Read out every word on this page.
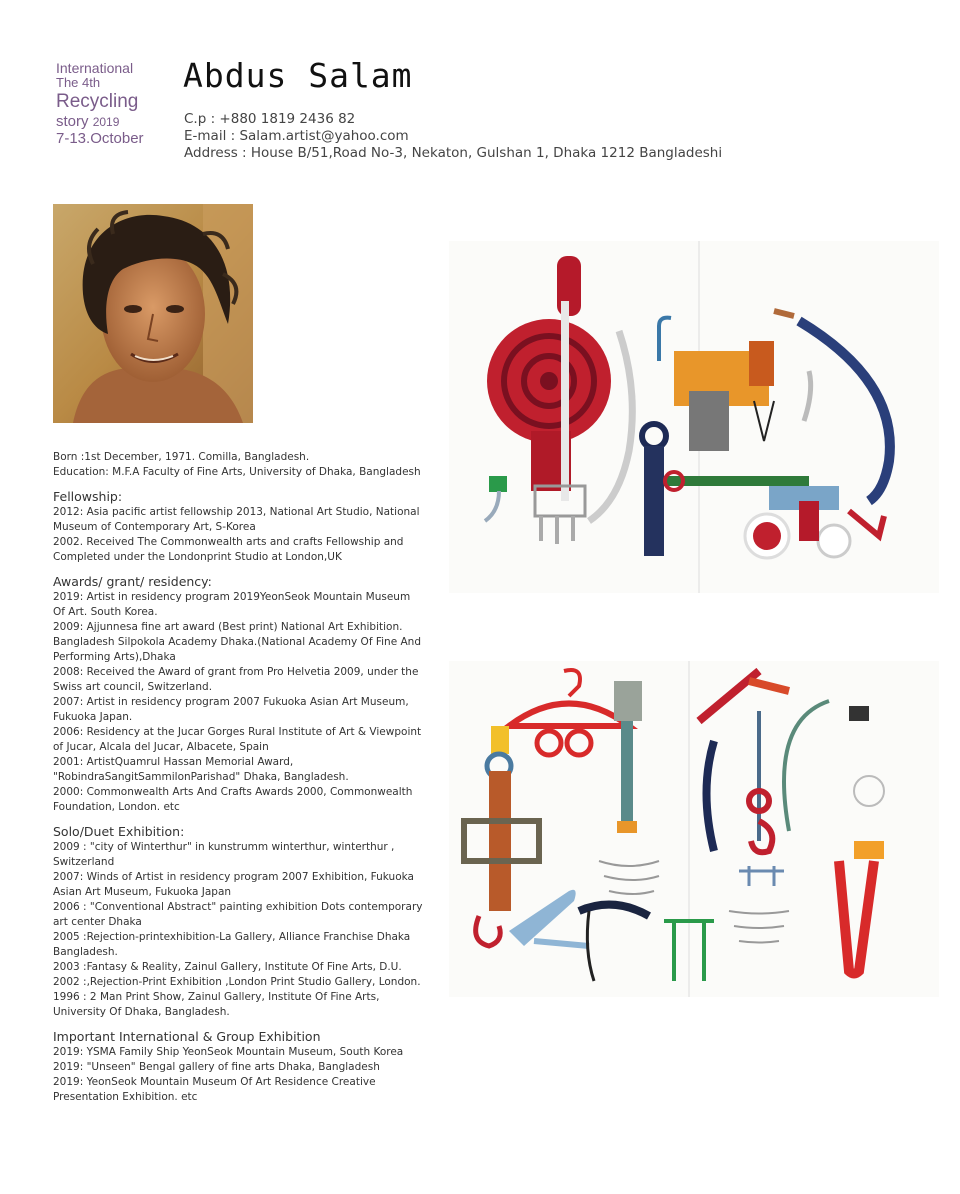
International
The 4th
Recycling
story 2019
7-13.October
Abdus Salam
C.p : +880 1819 2436 82
E-mail : Salam.artist@yahoo.com
Address : House B/51,Road No-3, Nekaton, Gulshan 1, Dhaka 1212 Bangladeshi

Born :1st December, 1971. Comilla, Bangladesh.

Education: M.F.A Faculty of Fine Arts, University of Dhaka, Bangladesh

Fellowship:

2012: Asia pacific artist fellowship 2013, National Art Studio, National Museum of Contemporary Art, S-Korea

2002. Received The Commonwealth arts and crafts Fellowship and Completed under the Londonprint Studio at London,UK

Awards/ grant/ residency:

2019: Artist in residency program 2019YeonSeok Mountain Museum Of Art. South Korea.

2009: Ajjunnesa fine art award (Best print) National Art Exhibition. Bangladesh Silpokola Academy Dhaka.(National Academy Of Fine And Performing Arts),Dhaka

2008: Received the Award of grant from Pro Helvetia 2009, under the Swiss art council, Switzerland.

2007: Artist in residency program 2007 Fukuoka Asian Art Museum, Fukuoka Japan.

2006: Residency at the Jucar Gorges Rural Institute of Art & Viewpoint of Jucar, Alcala del Jucar, Albacete, Spain

2001: ArtistQuamrul Hassan Memorial Award, "RobindraSangitSammilonParishad" Dhaka, Bangladesh.

2000: Commonwealth Arts And Crafts Awards 2000, Commonwealth Foundation, London. etc

Solo/Duet Exhibition:

2009 : "city of Winterthur" in kunstrumm winterthur, winterthur , Switzerland

2007: Winds of Artist in residency program 2007 Exhibition, Fukuoka Asian Art Museum, Fukuoka Japan

2006 : "Conventional Abstract" painting exhibition Dots contemporary art center Dhaka

2005 :Rejection-printexhibition-La Gallery, Alliance Franchise Dhaka Bangladesh.

2003 :Fantasy & Reality, Zainul Gallery, Institute Of Fine Arts, D.U.

2002 :,Rejection-Print Exhibition ,London Print Studio Gallery, London.

1996 : 2 Man Print Show, Zainul Gallery, Institute Of Fine Arts, University Of Dhaka, Bangladesh.

Important International & Group Exhibition

2019: YSMA Family Ship YeonSeok Mountain Museum, South Korea

2019: "Unseen" Bengal gallery of fine arts Dhaka, Bangladesh

2019: YeonSeok Mountain Museum Of Art Residence Creative Presentation Exhibition. etc
